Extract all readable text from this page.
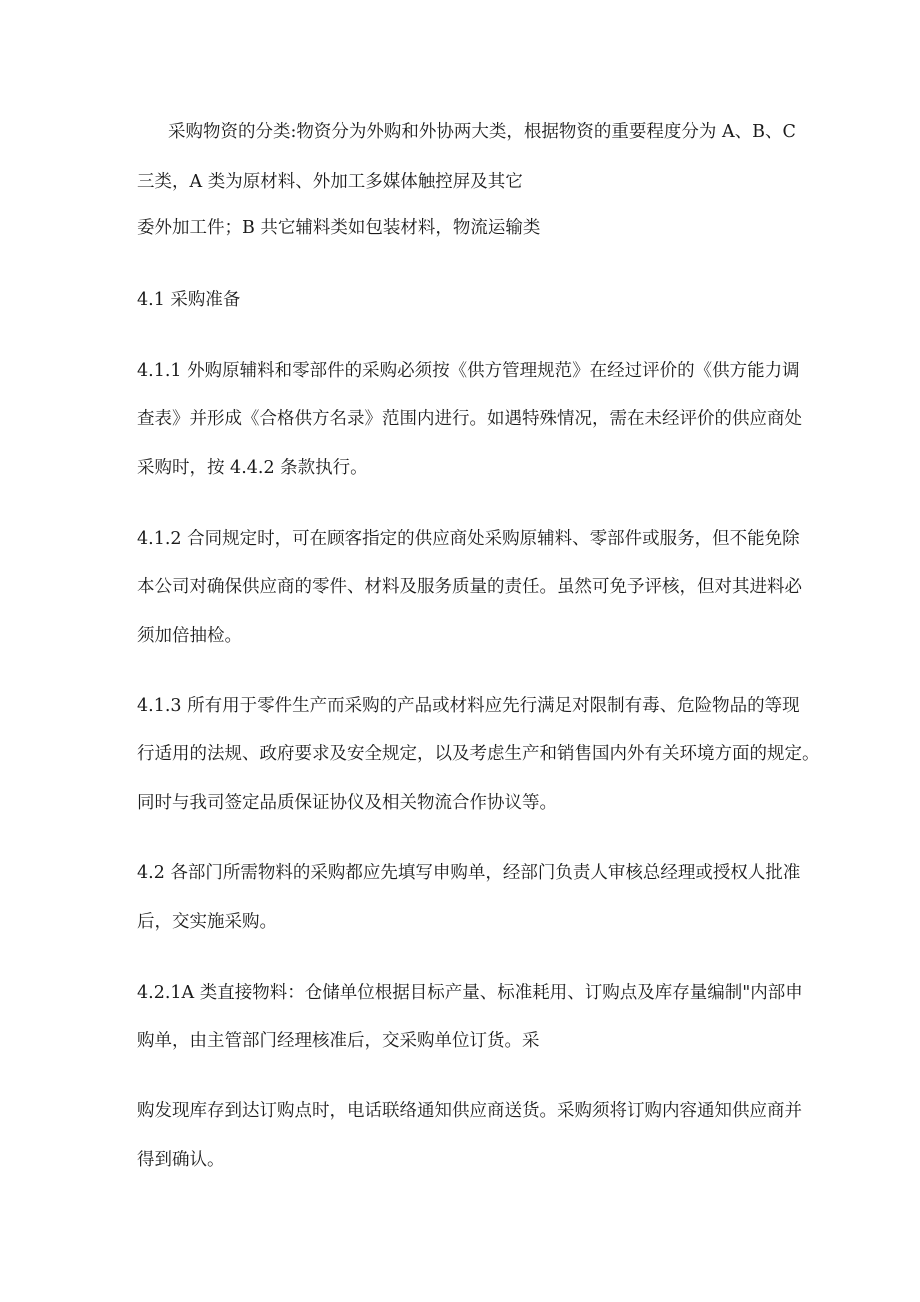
采购物资的分类:物资分为外购和外协两大类，根据物资的重要程度分为 A、B、C

三类，A 类为原材料、外加工多媒体触控屏及其它

委外加工件；B 共它辅料类如包装材料，物流运输类

4.1 采购准备

4.1.1 外购原辅料和零部件的采购必须按《供方管理规范》在经过评价的《供方能力调

查表》并形成《合格供方名录》范围内进行。如遇特殊情况，需在未经评价的供应商处

采购时，按 4.4.2 条款执行。

4.1.2 合同规定时，可在顾客指定的供应商处采购原辅料、零部件或服务，但不能免除

本公司对确保供应商的零件、材料及服务质量的责任。虽然可免予评核，但对其进料必

须加倍抽检。

4.1.3 所有用于零件生产而采购的产品或材料应先行满足对限制有毒、危险物品的等现

行适用的法规、政府要求及安全规定，以及考虑生产和销售国内外有关环境方面的规定。

同时与我司签定品质保证协仪及相关物流合作协议等。

4.2 各部门所需物料的采购都应先填写申购单，经部门负责人审核总经理或授权人批准

后，交实施采购。

4.2.1A 类直接物料：仓储单位根据目标产量、标准耗用、订购点及库存量编制"内部申

购单，由主管部门经理核准后，交采购单位订货。采

购发现库存到达订购点时，电话联络通知供应商送货。采购须将订购内容通知供应商并

得到确认。
